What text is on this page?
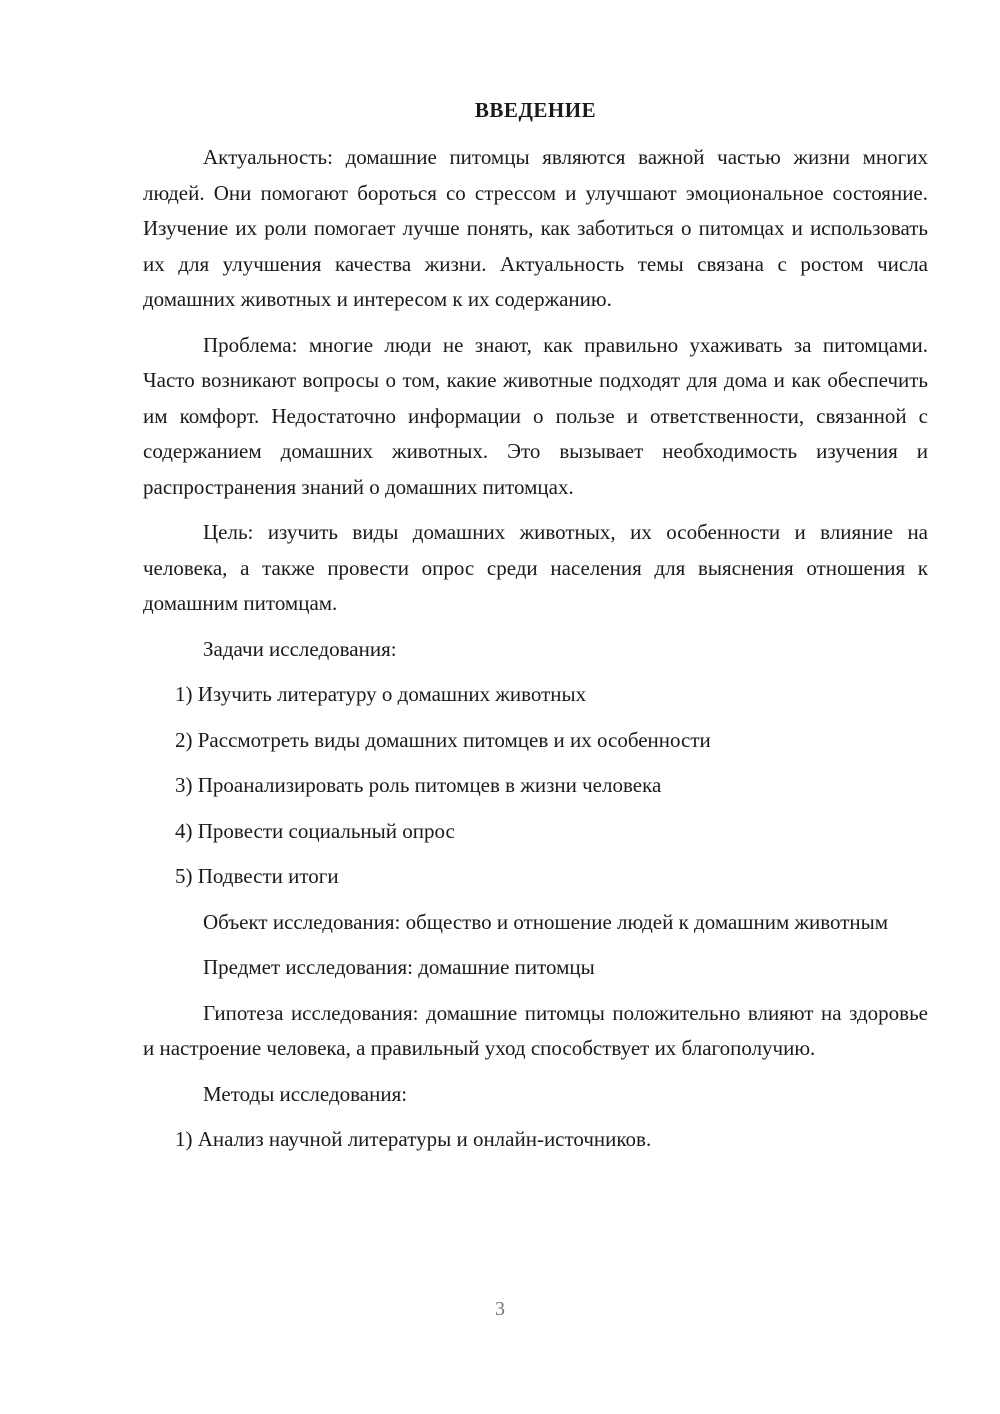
ВВЕДЕНИЕ

Актуальность: домашние питомцы являются важной частью жизни многих людей. Они помогают бороться со стрессом и улучшают эмоциональное состояние. Изучение их роли помогает лучше понять, как заботиться о питомцах и использовать их для улучшения качества жизни. Актуальность темы связана с ростом числа домашних животных и интересом к их содержанию.

Проблема: многие люди не знают, как правильно ухаживать за питомцами. Часто возникают вопросы о том, какие животные подходят для дома и как обеспечить им комфорт. Недостаточно информации о пользе и ответственности, связанной с содержанием домашних животных. Это вызывает необходимость изучения и распространения знаний о домашних питомцах.

Цель: изучить виды домашних животных, их особенности и влияние на человека, а также провести опрос среди населения для выяснения отношения к домашним питомцам.

Задачи исследования:
1) Изучить литературу о домашних животных
2) Рассмотреть виды домашних питомцев и их особенности
3) Проанализировать роль питомцев в жизни человека
4) Провести социальный опрос
5) Подвести итоги

Объект исследования: общество и отношение людей к домашним животным

Предмет исследования: домашние питомцы

Гипотеза исследования: домашние питомцы положительно влияют на здоровье и настроение человека, а правильный уход способствует их благополучию.

Методы исследования:
1) Анализ научной литературы и онлайн-источников.
3
